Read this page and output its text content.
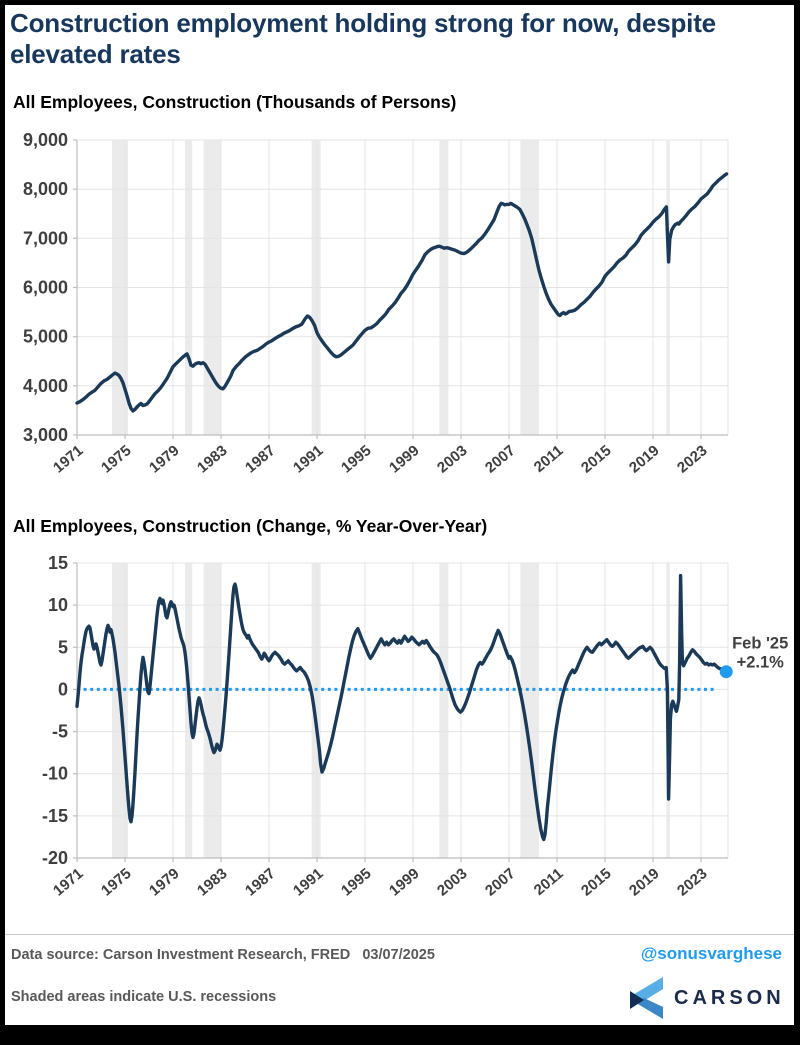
Construction employment holding strong for now, despite elevated rates
All Employees, Construction (Thousands of Persons)
9,000
8,000
7,000
6,000
5,000
4,000
3,000
1971 1975 1979 1983 1987 1991 1995 1999 2003 2007 2011 2015 2019 2023
All Employees, Construction (Change, % Year-Over-Year)
15
10
5
0
-5
-10
-15
-20
1971 1975 1979 1983 1987 1991 1995 1999 2003 2007 2011 2015 2019 2023
Feb '25
+2.1%
Data source: Carson Investment Research, FRED   03/07/2025	@sonusvarghese
Shaded areas indicate U.S. recessions	CARSON
